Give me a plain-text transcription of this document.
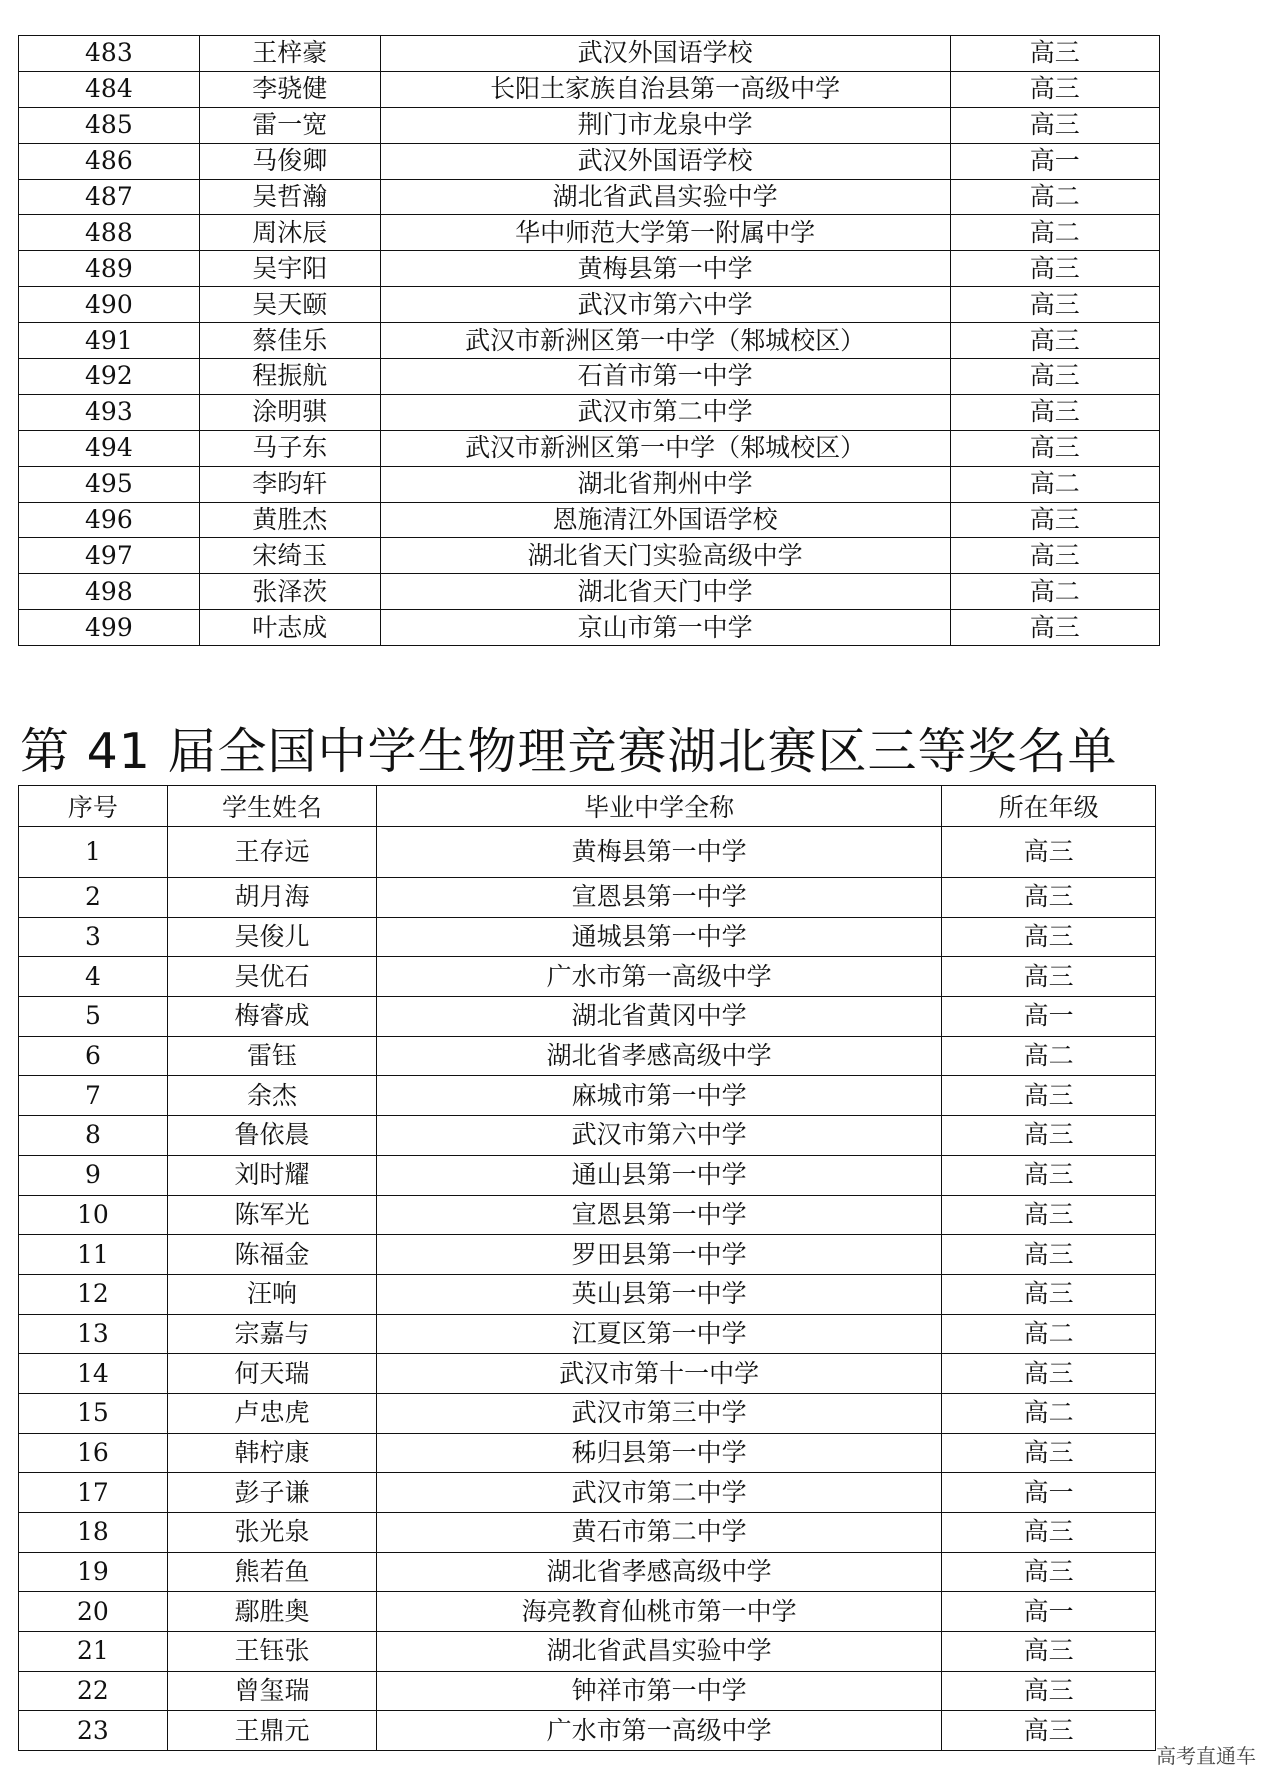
483	王梓豪	武汉外国语学校	高三
484	李骁健	长阳土家族自治县第一高级中学	高三
485	雷一宽	荆门市龙泉中学	高三
486	马俊卿	武汉外国语学校	高一
487	吴哲瀚	湖北省武昌实验中学	高二
488	周沐辰	华中师范大学第一附属中学	高二
489	吴宇阳	黄梅县第一中学	高三
490	吴天颐	武汉市第六中学	高三
491	蔡佳乐	武汉市新洲区第一中学（邾城校区）	高三
492	程振航	石首市第一中学	高三
493	涂明骐	武汉市第二中学	高三
494	马子东	武汉市新洲区第一中学（邾城校区）	高三
495	李昀轩	湖北省荆州中学	高二
496	黄胜杰	恩施清江外国语学校	高三
497	宋绮玉	湖北省天门实验高级中学	高三
498	张泽茨	湖北省天门中学	高二
499	叶志成	京山市第一中学	高三
第 41 届全国中学生物理竞赛湖北赛区三等奖名单
序号	学生姓名	毕业中学全称	所在年级
1	王存远	黄梅县第一中学	高三
2	胡月海	宣恩县第一中学	高三
3	吴俊儿	通城县第一中学	高三
4	吴优石	广水市第一高级中学	高三
5	梅睿成	湖北省黄冈中学	高一
6	雷钰	湖北省孝感高级中学	高二
7	余杰	麻城市第一中学	高三
8	鲁依晨	武汉市第六中学	高三
9	刘时耀	通山县第一中学	高三
10	陈军光	宣恩县第一中学	高三
11	陈福金	罗田县第一中学	高三
12	汪响	英山县第一中学	高三
13	宗嘉与	江夏区第一中学	高二
14	何天瑞	武汉市第十一中学	高三
15	卢忠虎	武汉市第三中学	高二
16	韩柠康	秭归县第一中学	高三
17	彭子谦	武汉市第二中学	高一
18	张光泉	黄石市第二中学	高三
19	熊若鱼	湖北省孝感高级中学	高三
20	鄢胜奥	海亮教育仙桃市第一中学	高一
21	王钰张	湖北省武昌实验中学	高三
22	曾玺瑞	钟祥市第一中学	高三
23	王鼎元	广水市第一高级中学	高三
高考直通车
